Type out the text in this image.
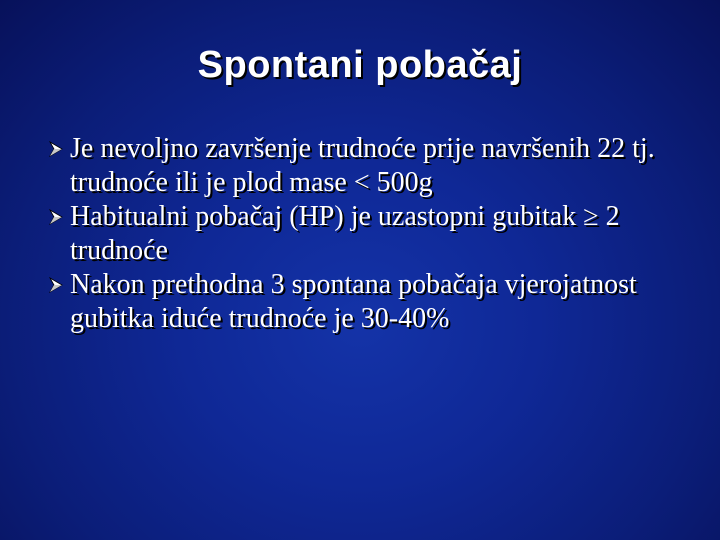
Spontani pobačaj
Je nevoljno završenje trudnoće prije navršenih 22 tj. trudnoće ili je plod mase < 500g
Habitualni pobačaj (HP) je uzastopni gubitak ≥ 2 trudnoće
Nakon prethodna 3 spontana pobačaja vjerojatnost gubitka iduće trudnoće je 30-40%
